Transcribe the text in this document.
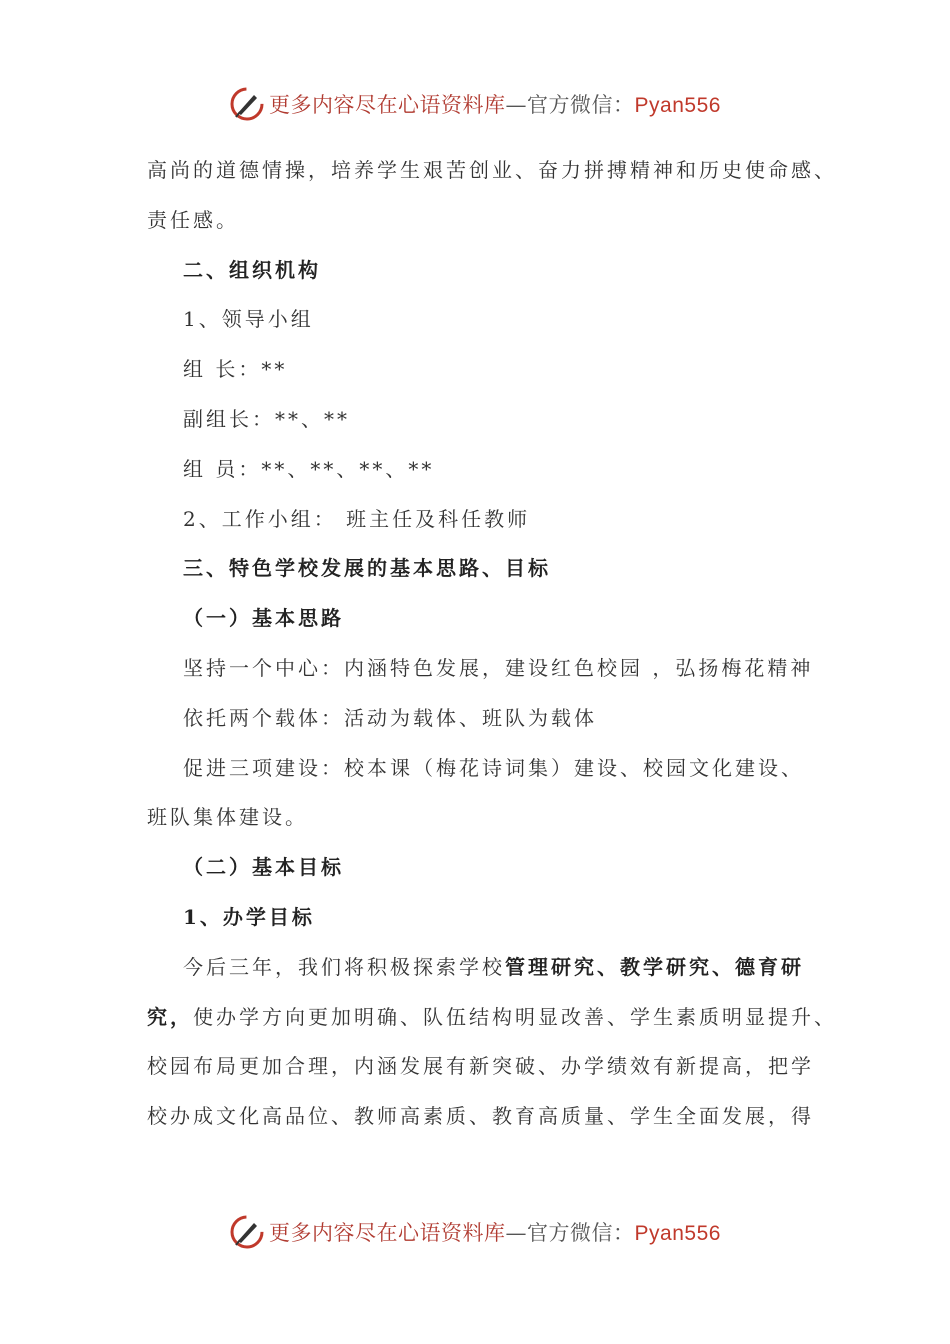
更多内容尽在心语资料库—官方微信：Pyan556
高尚的道德情操，培养学生艰苦创业、奋力拼搏精神和历史使命感、
责任感。
二、组织机构
1、领导小组
组 长：**
副组长：**、**
组 员：**、**、**、**
2、工作小组： 班主任及科任教师
三、特色学校发展的基本思路、目标
（一）基本思路
坚持一个中心：内涵特色发展，建设红色校园 ，弘扬梅花精神
依托两个载体：活动为载体、班队为载体
促进三项建设：校本课（梅花诗词集）建设、校园文化建设、
班队集体建设。
（二）基本目标
1、办学目标
今后三年，我们将积极探索学校管理研究、教学研究、德育研
究，使办学方向更加明确、队伍结构明显改善、学生素质明显提升、
校园布局更加合理，内涵发展有新突破、办学绩效有新提高，把学
校办成文化高品位、教师高素质、教育高质量、学生全面发展，得
更多内容尽在心语资料库—官方微信：Pyan556
